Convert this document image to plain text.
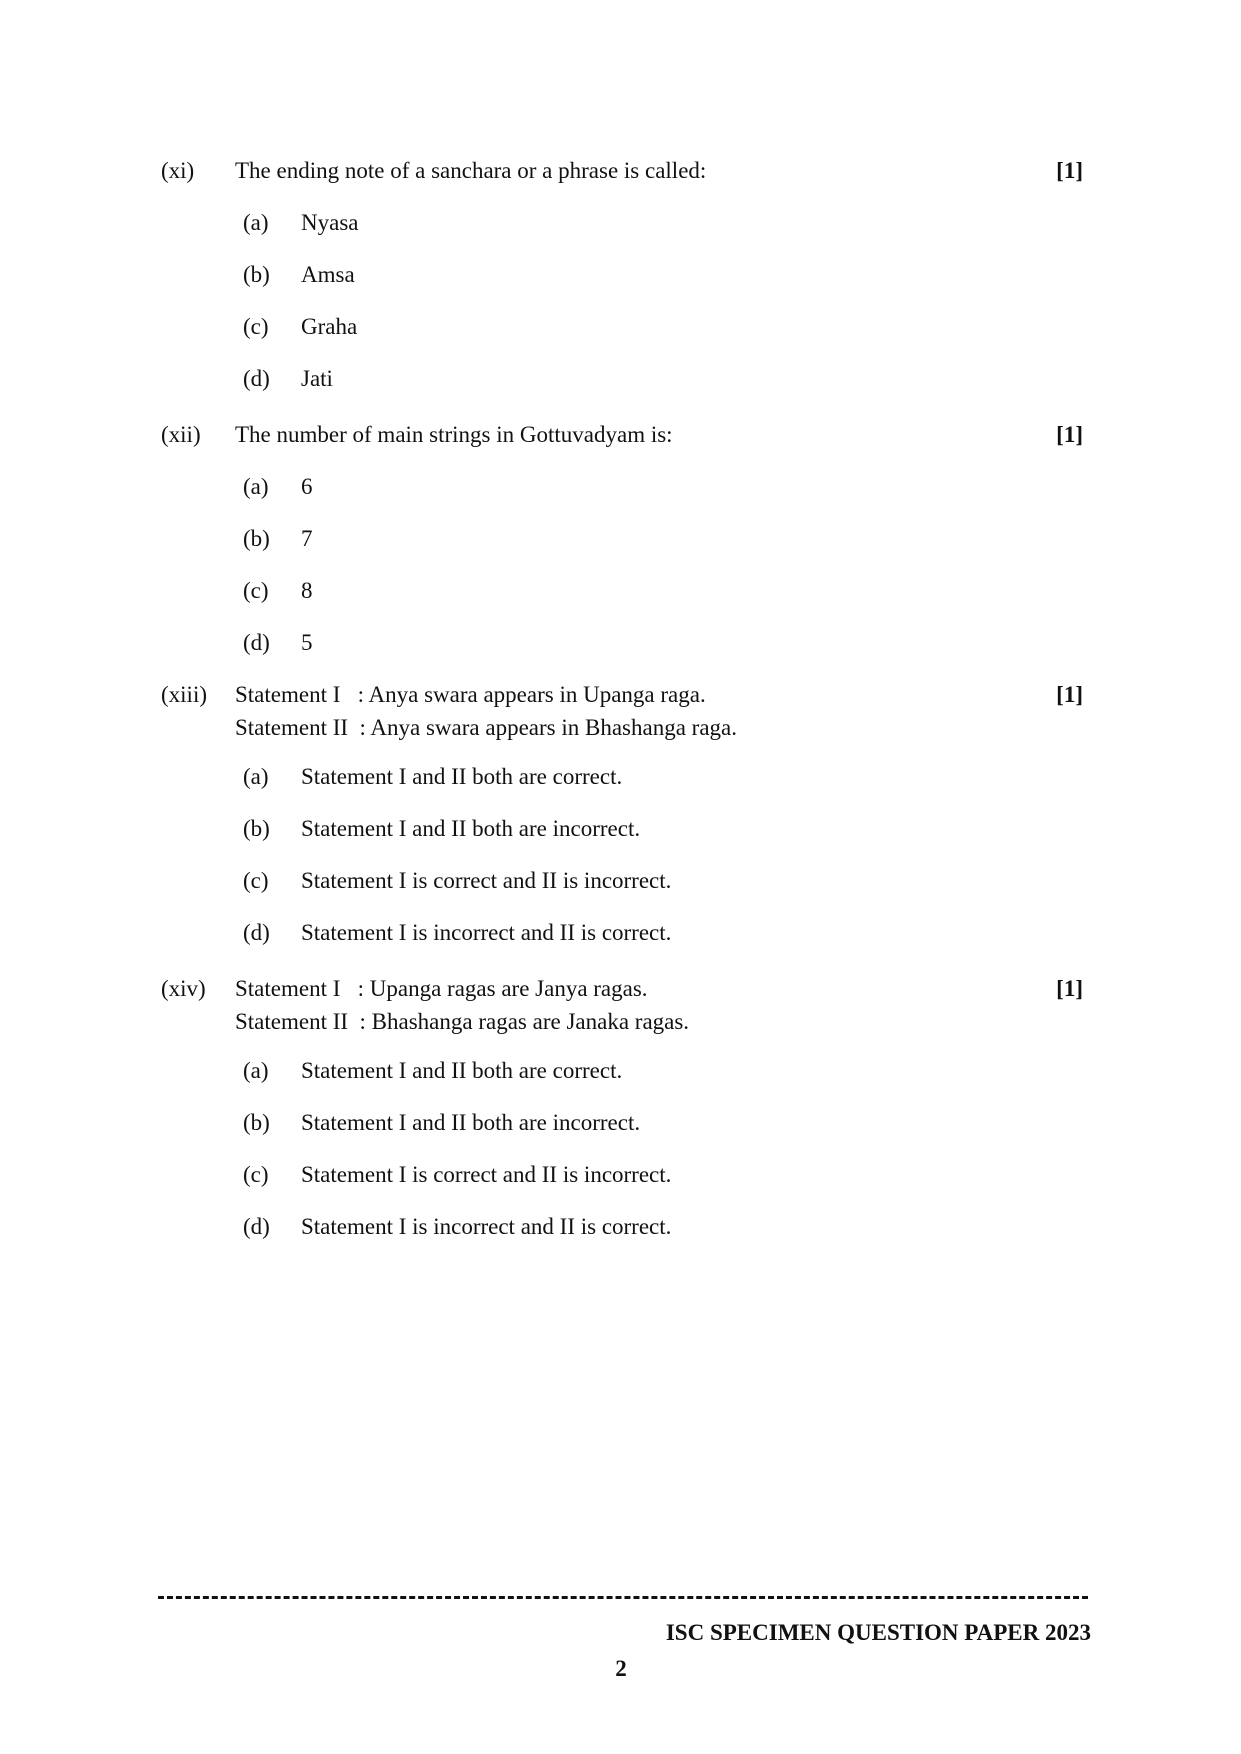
(xi) The ending note of a sanchara or a phrase is called:	[1]
(a) Nyasa
(b) Amsa
(c) Graha
(d) Jati
(xii) The number of main strings in Gottuvadyam is:	[1]
(a) 6
(b) 7
(c) 8
(d) 5
(xiii) Statement I   : Anya swara appears in Upanga raga.
Statement II  : Anya swara appears in Bhashanga raga.
[1]
(a) Statement I and II both are correct.
(b) Statement I and II both are incorrect.
(c) Statement I is correct and II is incorrect.
(d) Statement I is incorrect and II is correct.
(xiv) Statement I   : Upanga ragas are Janya ragas.
Statement II  : Bhashanga ragas are Janaka ragas.
[1]
(a) Statement I and II both are correct.
(b) Statement I and II both are incorrect.
(c) Statement I is correct and II is incorrect.
(d) Statement I is incorrect and II is correct.
ISC SPECIMEN QUESTION PAPER 2023
2
